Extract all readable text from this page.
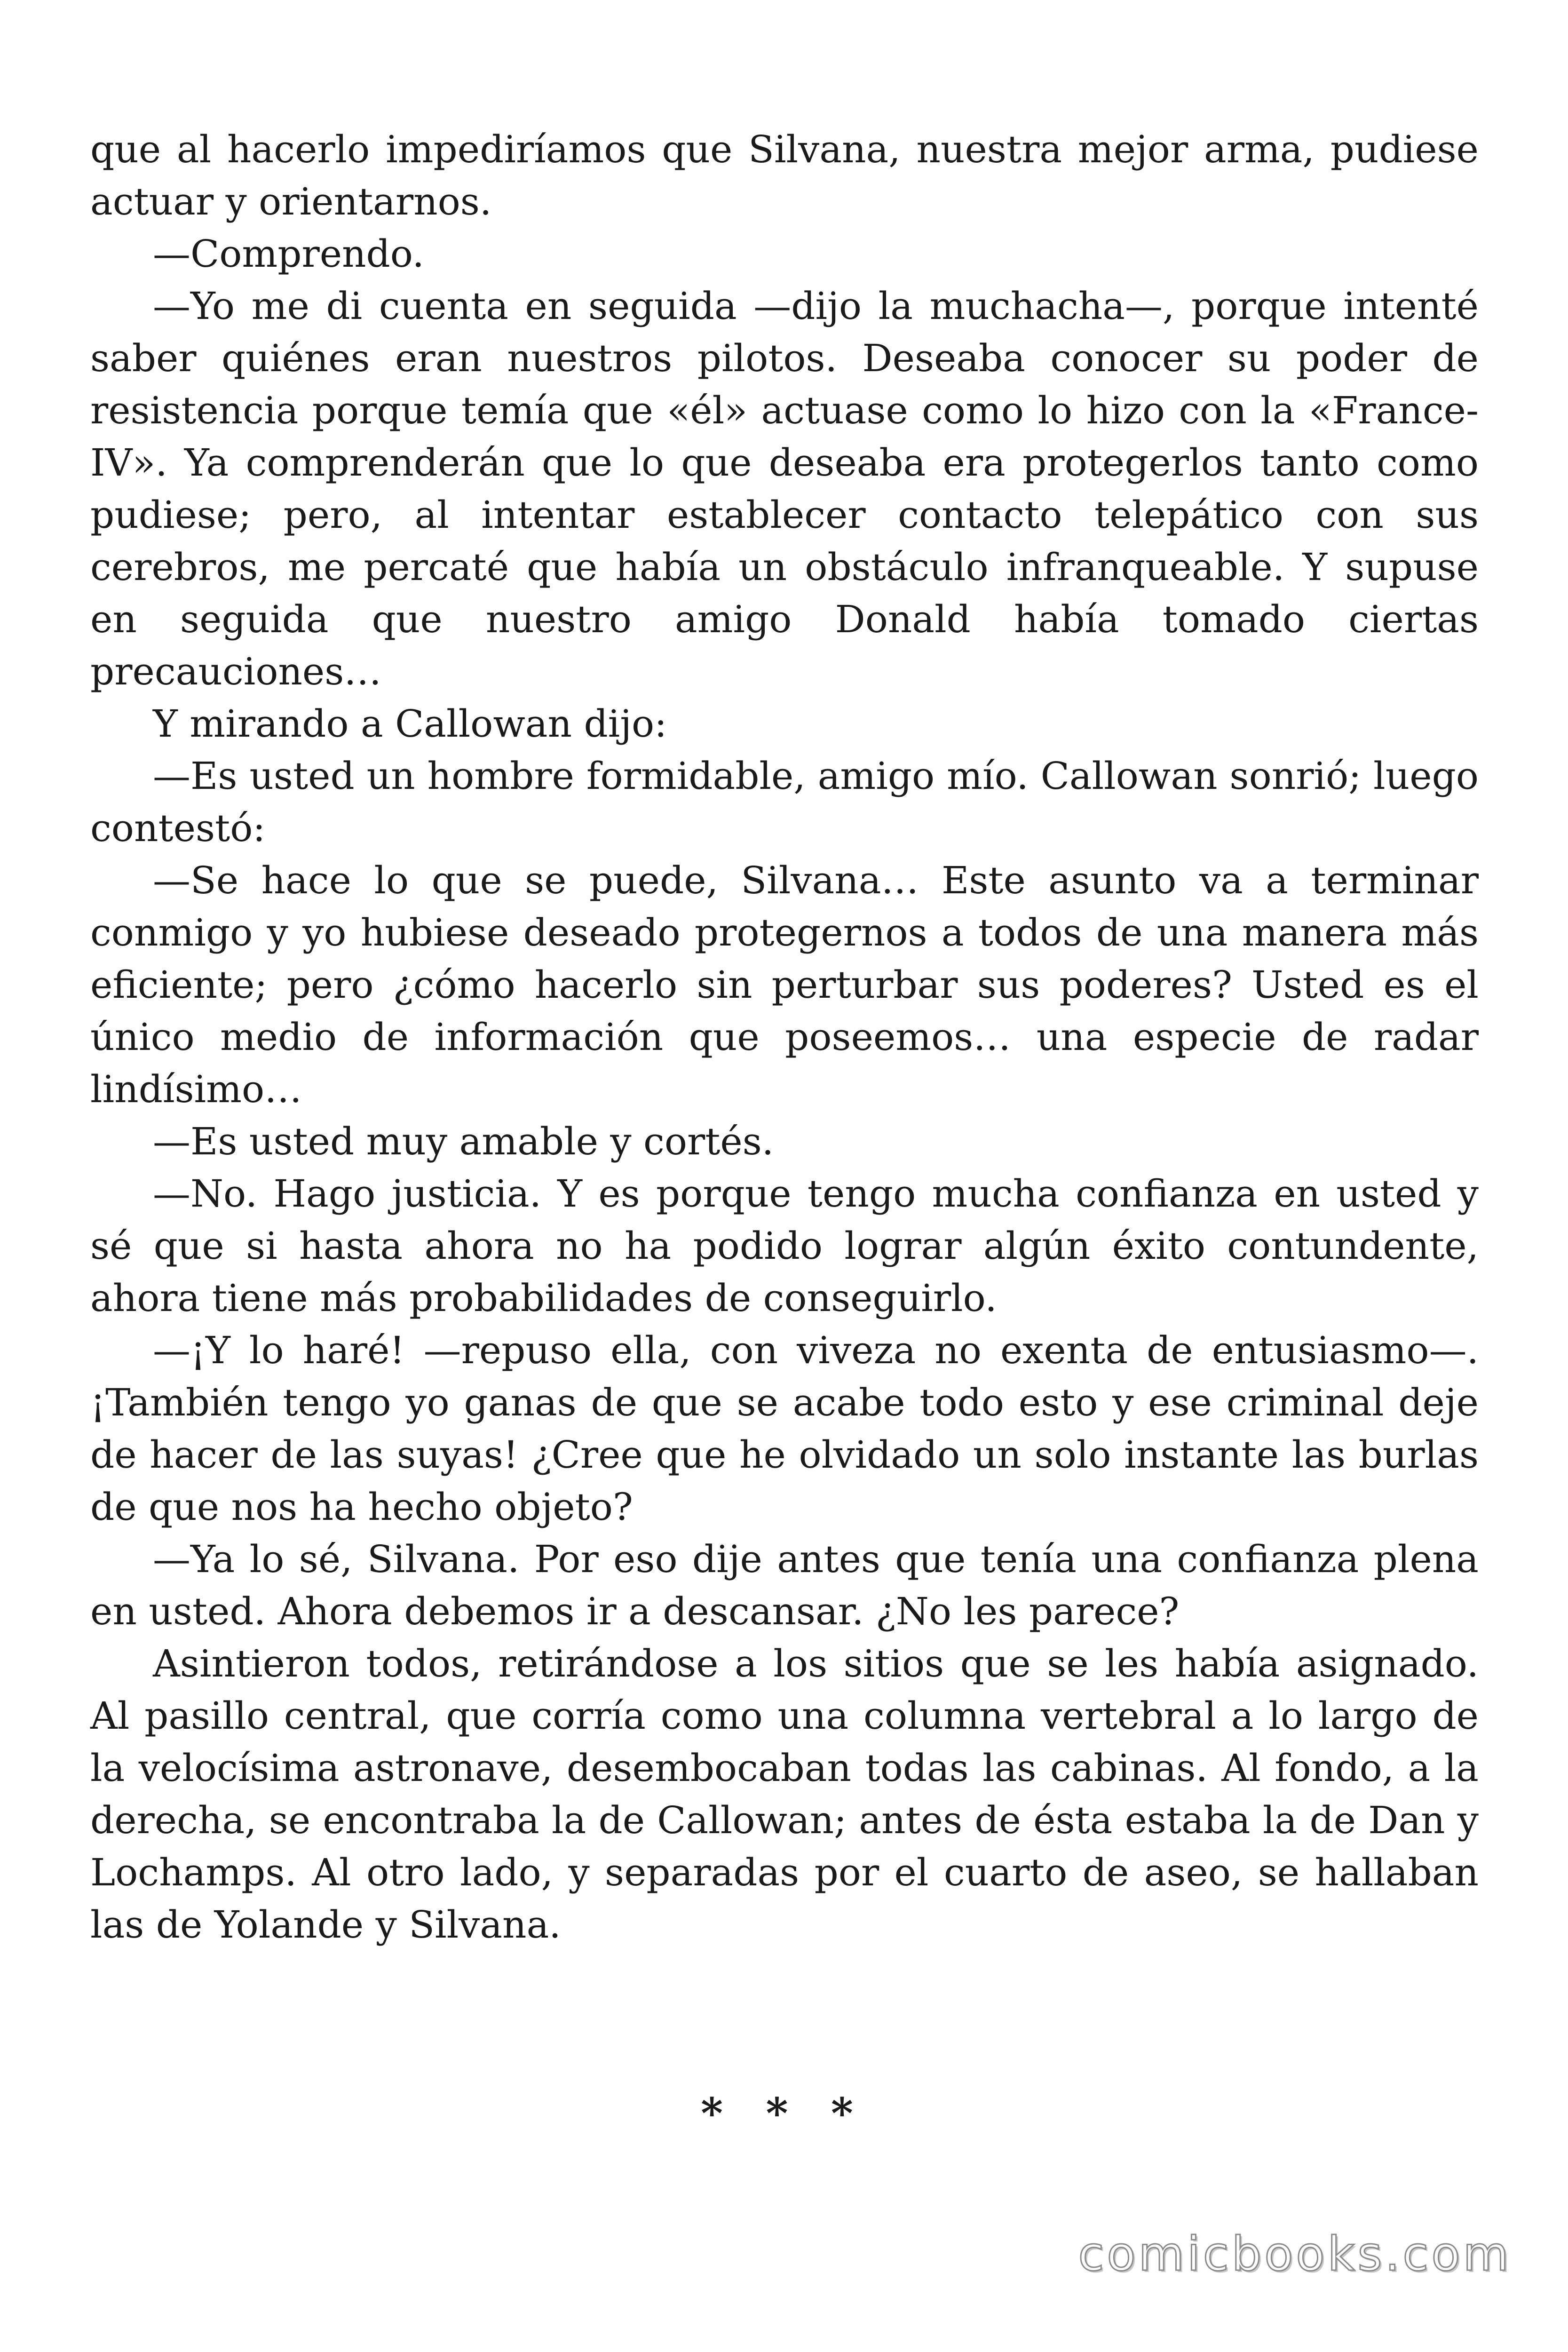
que al hacerlo impediríamos que Silvana, nuestra mejor arma, pudiese actuar y orientarnos.

—Comprendo.

—Yo me di cuenta en seguida —dijo la muchacha—, porque intenté saber quiénes eran nuestros pilotos. Deseaba conocer su poder de resistencia porque temía que «él» actuase como lo hizo con la «France-IV». Ya comprenderán que lo que deseaba era protegerlos tanto como pudiese; pero, al intentar establecer contacto telepático con sus cerebros, me percaté que había un obstáculo infranqueable. Y supuse en seguida que nuestro amigo Donald había tomado ciertas precauciones…

Y mirando a Callowan dijo:

—Es usted un hombre formidable, amigo mío. Callowan sonrió; luego contestó:

—Se hace lo que se puede, Silvana… Este asunto va a terminar conmigo y yo hubiese deseado protegernos a todos de una manera más eficiente; pero ¿cómo hacerlo sin perturbar sus poderes? Usted es el único medio de información que poseemos… una especie de radar lindísimo…

—Es usted muy amable y cortés.

—No. Hago justicia. Y es porque tengo mucha confianza en usted y sé que si hasta ahora no ha podido lograr algún éxito contundente, ahora tiene más probabilidades de conseguirlo.

—¡Y lo haré! —repuso ella, con viveza no exenta de entusiasmo—. ¡También tengo yo ganas de que se acabe todo esto y ese criminal deje de hacer de las suyas! ¿Cree que he olvidado un solo instante las burlas de que nos ha hecho objeto?

—Ya lo sé, Silvana. Por eso dije antes que tenía una confianza plena en usted. Ahora debemos ir a descansar. ¿No les parece?

Asintieron todos, retirándose a los sitios que se les había asignado. Al pasillo central, que corría como una columna vertebral a lo largo de la velocísima astronave, desembocaban todas las cabinas. Al fondo, a la derecha, se encontraba la de Callowan; antes de ésta estaba la de Dan y Lochamps. Al otro lado, y separadas por el cuarto de aseo, se hallaban las de Yolande y Silvana.

* * *
comicbooks.com
